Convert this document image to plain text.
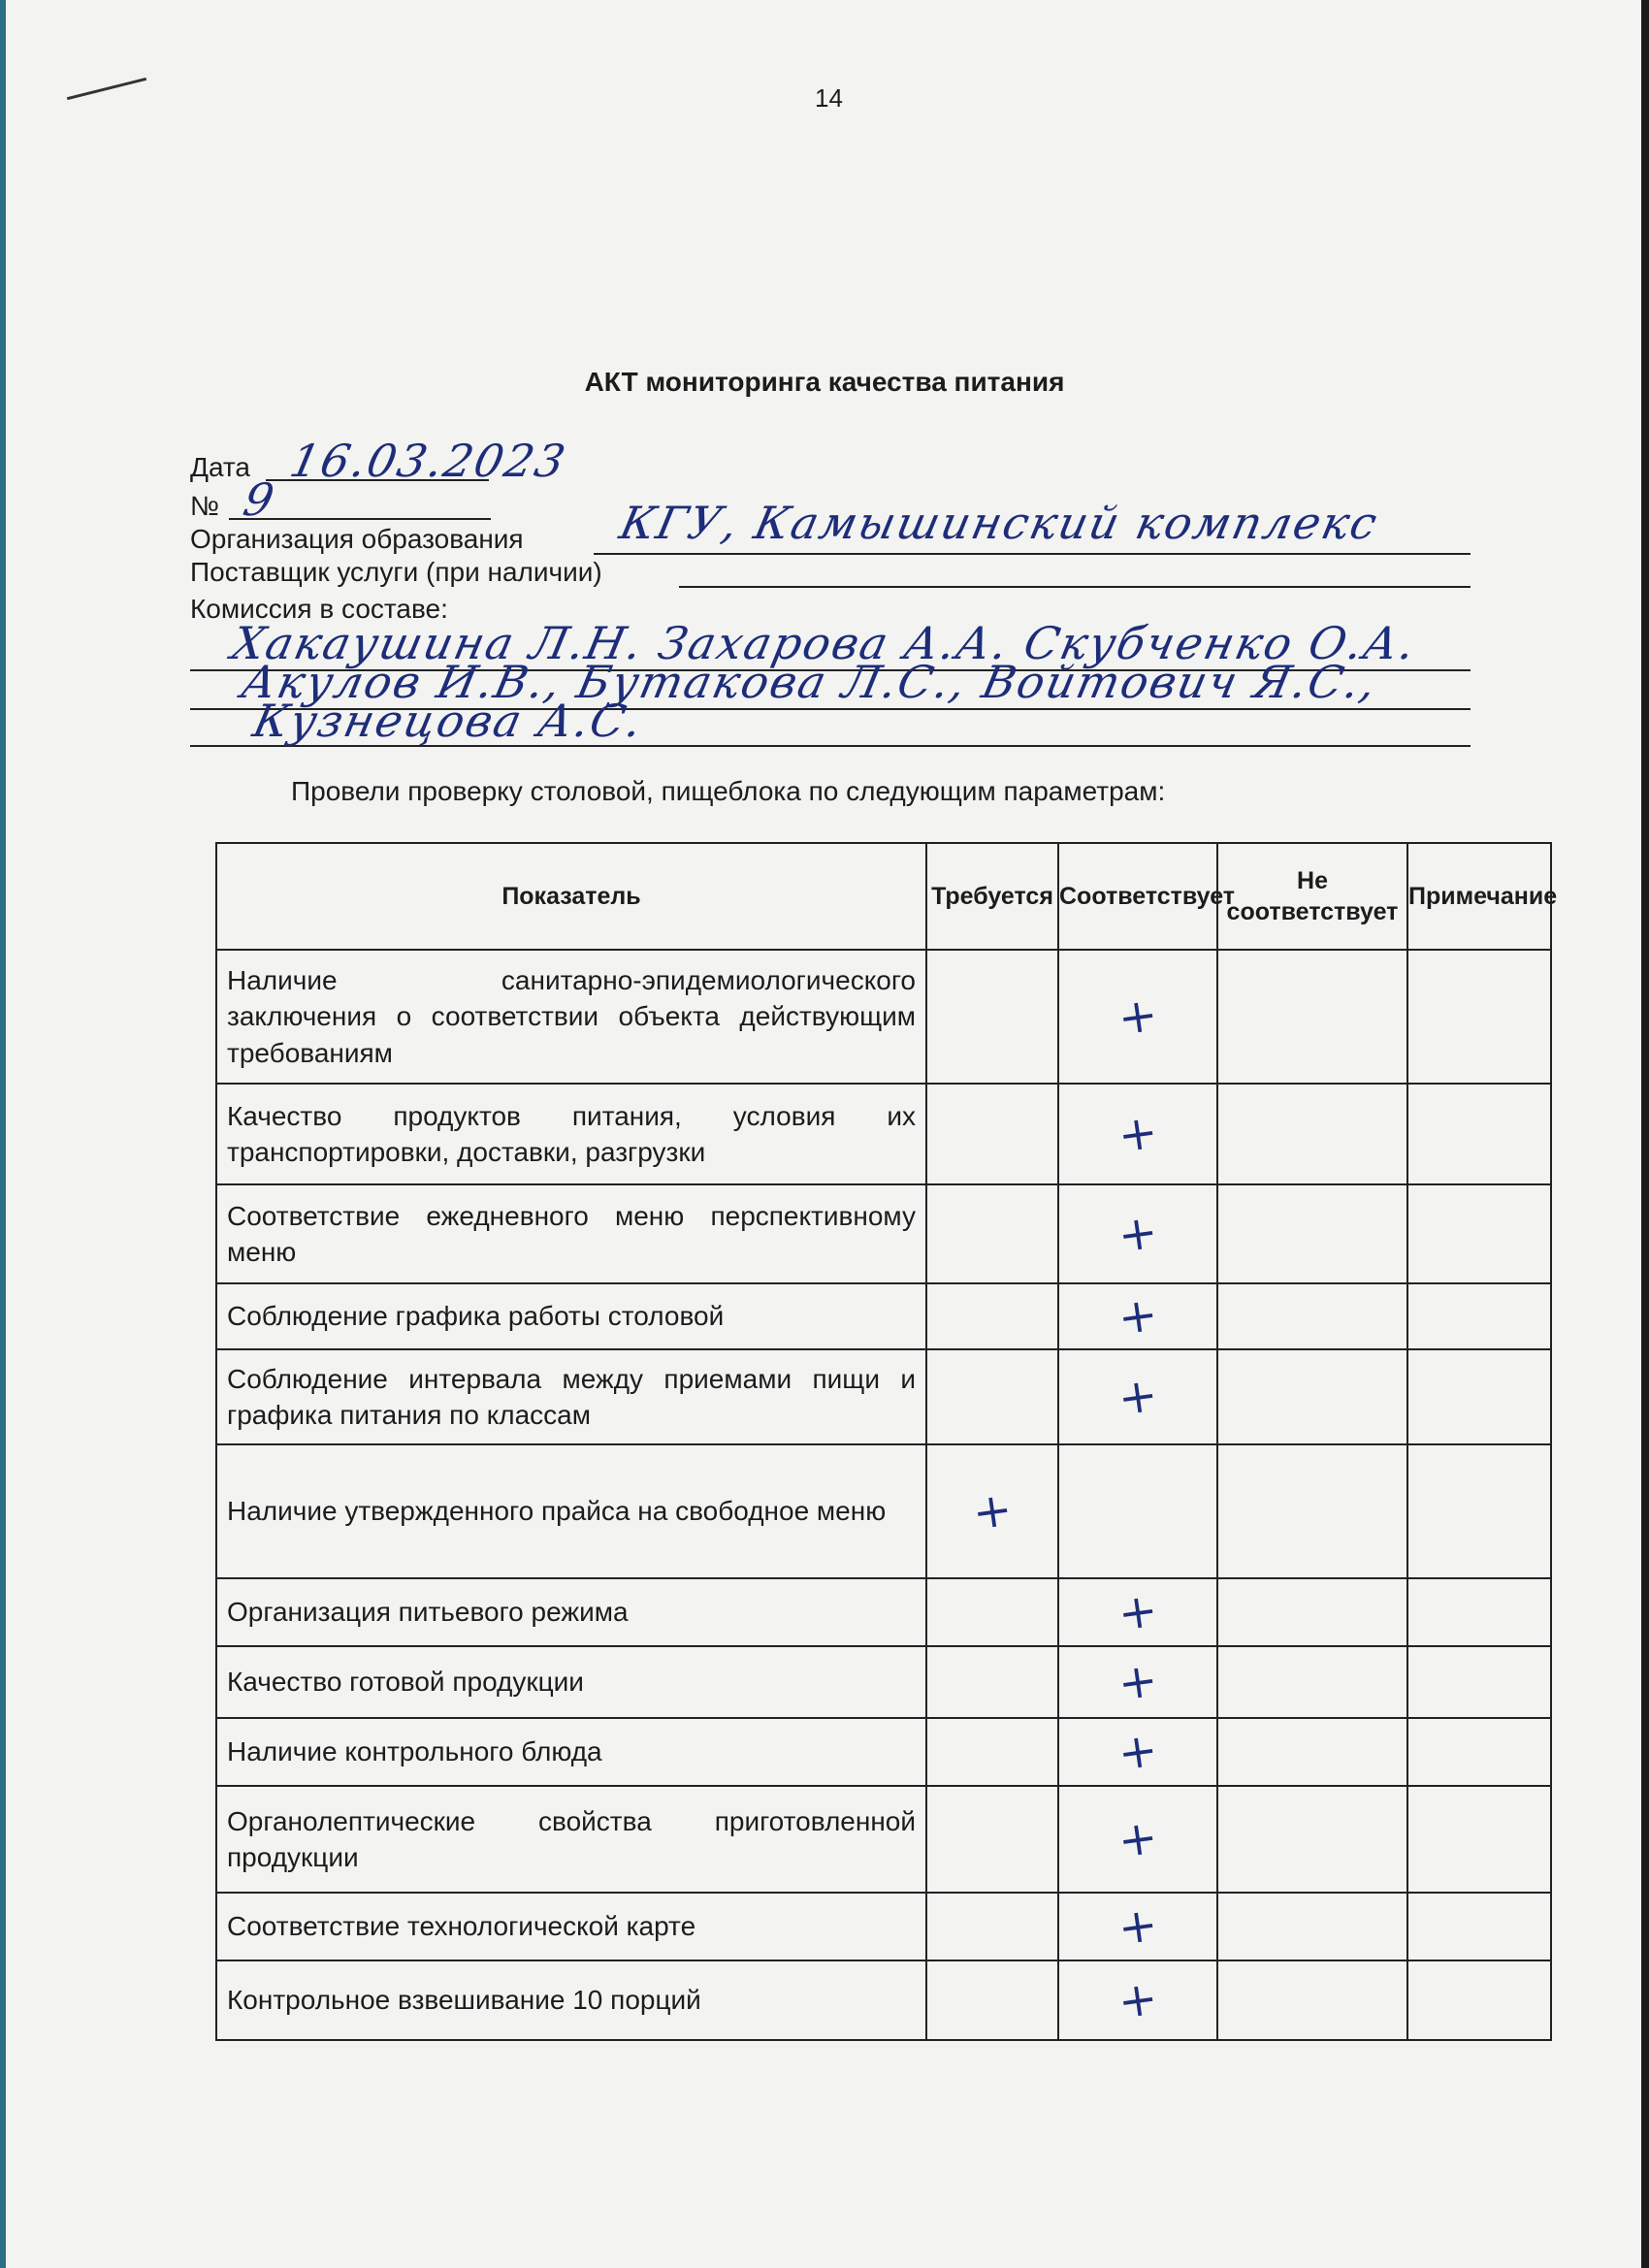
14
АКТ мониторинга качества питания
Дата 16.03.2023
№ 9
Организация образования КГУ, Камышинский комплекс
Поставщик услуги (при наличии)
Комиссия в составе:
Хакаушина Л.Н. Захарова А.А. Скубченко О.А.
Акулов И.В., Бутакова Л.С., Войтович Я.С.,
Кузнецова А.С.
Провели проверку столовой, пищеблока по следующим параметрам:
Показатель	Требуется	Соответствует	Не соответствует	Примечание
Наличие санитарно-эпидемиологического заключения о соответствии объекта действующим требованиям		+		
Качество продуктов питания, условия их транспортировки, доставки, разгрузки		+		
Соответствие ежедневного меню перспективному меню		+		
Соблюдение графика работы столовой		+		
Соблюдение интервала между приемами пищи и графика питания по классам		+		
Наличие утвержденного прайса на свободное меню	+			
Организация питьевого режима		+		
Качество готовой продукции		+		
Наличие контрольного блюда		+		
Органолептические свойства приготовленной продукции		+		
Соответствие технологической карте		+		
Контрольное взвешивание 10 порций		+		
